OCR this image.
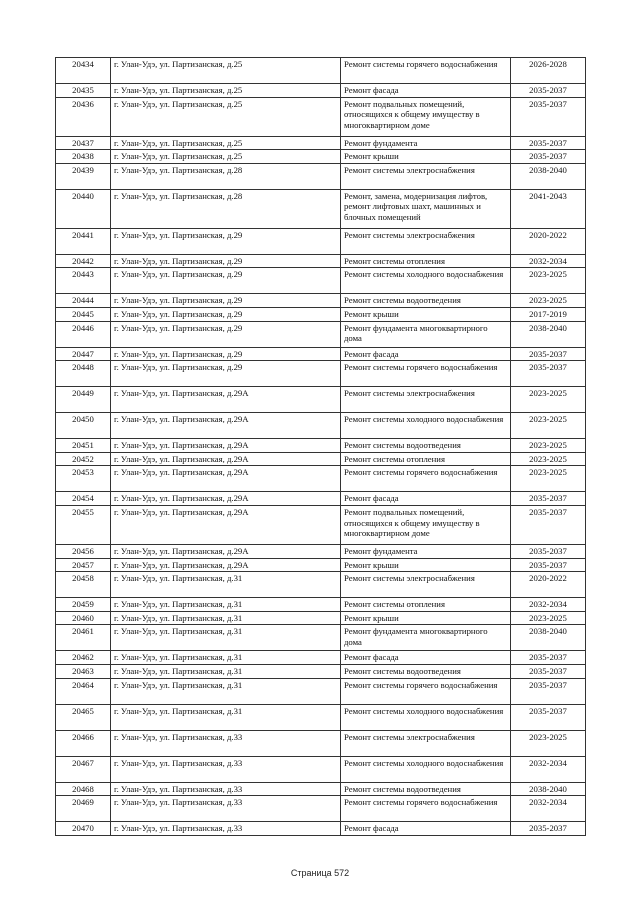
20434	г. Улан-Удэ, ул. Партизанская, д.25	Ремонт системы горячего водоснабжения	2026-2028
20435	г. Улан-Удэ, ул. Партизанская, д.25	Ремонт фасада	2035-2037
20436	г. Улан-Удэ, ул. Партизанская, д.25	Ремонт подвальных помещений, относящихся к общему имуществу в многоквартирном доме	2035-2037
20437	г. Улан-Удэ, ул. Партизанская, д.25	Ремонт фундамента	2035-2037
20438	г. Улан-Удэ, ул. Партизанская, д.25	Ремонт крыши	2035-2037
20439	г. Улан-Удэ, ул. Партизанская, д.28	Ремонт системы электроснабжения	2038-2040
20440	г. Улан-Удэ, ул. Партизанская, д.28	Ремонт, замена, модернизация лифтов, ремонт лифтовых шахт, машинных и блочных помещений	2041-2043
20441	г. Улан-Удэ, ул. Партизанская, д.29	Ремонт системы электроснабжения	2020-2022
20442	г. Улан-Удэ, ул. Партизанская, д.29	Ремонт системы отопления	2032-2034
20443	г. Улан-Удэ, ул. Партизанская, д.29	Ремонт системы холодного водоснабжения	2023-2025
20444	г. Улан-Удэ, ул. Партизанская, д.29	Ремонт системы водоотведения	2023-2025
20445	г. Улан-Удэ, ул. Партизанская, д.29	Ремонт крыши	2017-2019
20446	г. Улан-Удэ, ул. Партизанская, д.29	Ремонт фундамента многоквартирного дома	2038-2040
20447	г. Улан-Удэ, ул. Партизанская, д.29	Ремонт фасада	2035-2037
20448	г. Улан-Удэ, ул. Партизанская, д.29	Ремонт системы горячего водоснабжения	2035-2037
20449	г. Улан-Удэ, ул. Партизанская, д.29А	Ремонт системы электроснабжения	2023-2025
20450	г. Улан-Удэ, ул. Партизанская, д.29А	Ремонт системы холодного водоснабжения	2023-2025
20451	г. Улан-Удэ, ул. Партизанская, д.29А	Ремонт системы водоотведения	2023-2025
20452	г. Улан-Удэ, ул. Партизанская, д.29А	Ремонт системы отопления	2023-2025
20453	г. Улан-Удэ, ул. Партизанская, д.29А	Ремонт системы горячего водоснабжения	2023-2025
20454	г. Улан-Удэ, ул. Партизанская, д.29А	Ремонт фасада	2035-2037
20455	г. Улан-Удэ, ул. Партизанская, д.29А	Ремонт подвальных помещений, относящихся к общему имуществу в многоквартирном доме	2035-2037
20456	г. Улан-Удэ, ул. Партизанская, д.29А	Ремонт фундамента	2035-2037
20457	г. Улан-Удэ, ул. Партизанская, д.29А	Ремонт крыши	2035-2037
20458	г. Улан-Удэ, ул. Партизанская, д.31	Ремонт системы электроснабжения	2020-2022
20459	г. Улан-Удэ, ул. Партизанская, д.31	Ремонт системы отопления	2032-2034
20460	г. Улан-Удэ, ул. Партизанская, д.31	Ремонт крыши	2023-2025
20461	г. Улан-Удэ, ул. Партизанская, д.31	Ремонт фундамента многоквартирного дома	2038-2040
20462	г. Улан-Удэ, ул. Партизанская, д.31	Ремонт фасада	2035-2037
20463	г. Улан-Удэ, ул. Партизанская, д.31	Ремонт системы водоотведения	2035-2037
20464	г. Улан-Удэ, ул. Партизанская, д.31	Ремонт системы горячего водоснабжения	2035-2037
20465	г. Улан-Удэ, ул. Партизанская, д.31	Ремонт системы холодного водоснабжения	2035-2037
20466	г. Улан-Удэ, ул. Партизанская, д.33	Ремонт системы электроснабжения	2023-2025
20467	г. Улан-Удэ, ул. Партизанская, д.33	Ремонт системы холодного водоснабжения	2032-2034
20468	г. Улан-Удэ, ул. Партизанская, д.33	Ремонт системы водоотведения	2038-2040
20469	г. Улан-Удэ, ул. Партизанская, д.33	Ремонт системы горячего водоснабжения	2032-2034
20470	г. Улан-Удэ, ул. Партизанская, д.33	Ремонт фасада	2035-2037
Страница 572
